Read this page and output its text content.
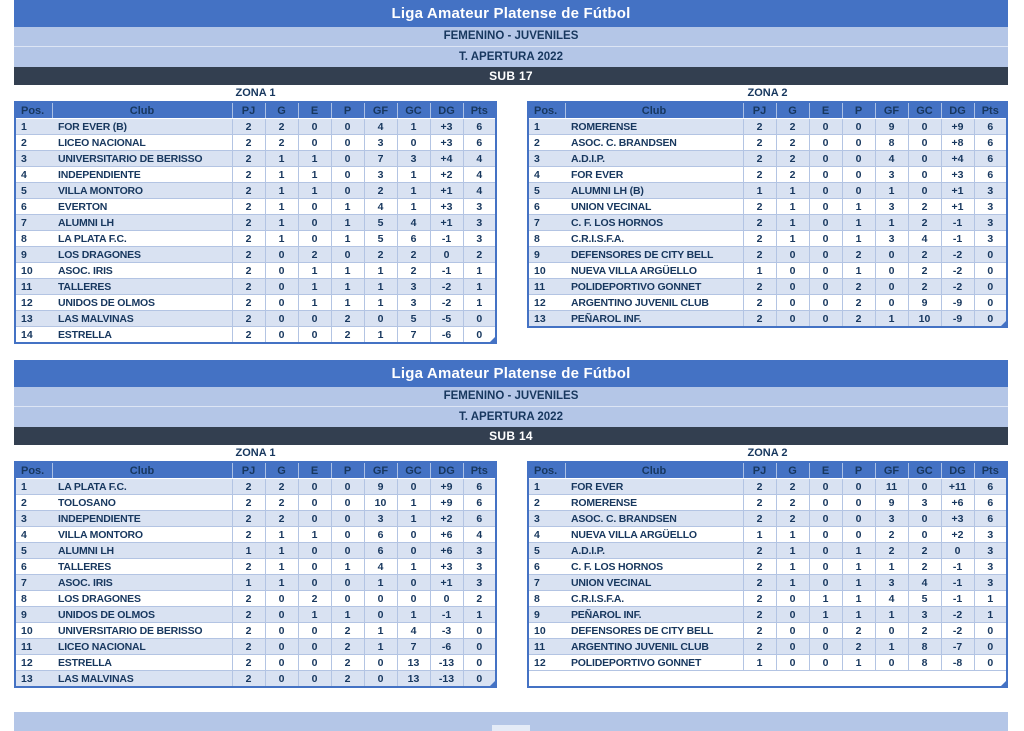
Liga Amateur Platense de Fútbol
FEMENINO - JUVENILES
T. APERTURA 2022
SUB 17
ZONA 1
Pos.	Club	PJ	G	E	P	GF	GC	DG	Pts
1	FOR EVER (B)	2	2	0	0	4	1	+3	6
2	LICEO NACIONAL	2	2	0	0	3	0	+3	6
3	UNIVERSITARIO DE BERISSO	2	1	1	0	7	3	+4	4
4	INDEPENDIENTE	2	1	1	0	3	1	+2	4
5	VILLA MONTORO	2	1	1	0	2	1	+1	4
6	EVERTON	2	1	0	1	4	1	+3	3
7	ALUMNI LH	2	1	0	1	5	4	+1	3
8	LA PLATA F.C.	2	1	0	1	5	6	-1	3
9	LOS DRAGONES	2	0	2	0	2	2	0	2
10	ASOC. IRIS	2	0	1	1	1	2	-1	1
11	TALLERES	2	0	1	1	1	3	-2	1
12	UNIDOS DE OLMOS	2	0	1	1	1	3	-2	1
13	LAS MALVINAS	2	0	0	2	0	5	-5	0
14	ESTRELLA	2	0	0	2	1	7	-6	0
ZONA 2
Pos.	Club	PJ	G	E	P	GF	GC	DG	Pts
1	ROMERENSE	2	2	0	0	9	0	+9	6
2	ASOC. C. BRANDSEN	2	2	0	0	8	0	+8	6
3	A.D.I.P.	2	2	0	0	4	0	+4	6
4	FOR EVER	2	2	0	0	3	0	+3	6
5	ALUMNI LH (B)	1	1	0	0	1	0	+1	3
6	UNION VECINAL	2	1	0	1	3	2	+1	3
7	C. F. LOS HORNOS	2	1	0	1	1	2	-1	3
8	C.R.I.S.F.A.	2	1	0	1	3	4	-1	3
9	DEFENSORES DE CITY BELL	2	0	0	2	0	2	-2	0
10	NUEVA VILLA ARGÜELLO	1	0	0	1	0	2	-2	0
11	POLIDEPORTIVO GONNET	2	0	0	2	0	2	-2	0
12	ARGENTINO JUVENIL CLUB	2	0	0	2	0	9	-9	0
13	PEÑAROL INF.	2	0	0	2	1	10	-9	0
Liga Amateur Platense de Fútbol
FEMENINO - JUVENILES
T. APERTURA 2022
SUB 14
ZONA 1
Pos.	Club	PJ	G	E	P	GF	GC	DG	Pts
1	LA PLATA F.C.	2	2	0	0	9	0	+9	6
2	TOLOSANO	2	2	0	0	10	1	+9	6
3	INDEPENDIENTE	2	2	0	0	3	1	+2	6
4	VILLA MONTORO	2	1	1	0	6	0	+6	4
5	ALUMNI LH	1	1	0	0	6	0	+6	3
6	TALLERES	2	1	0	1	4	1	+3	3
7	ASOC. IRIS	1	1	0	0	1	0	+1	3
8	LOS DRAGONES	2	0	2	0	0	0	0	2
9	UNIDOS DE OLMOS	2	0	1	1	0	1	-1	1
10	UNIVERSITARIO DE BERISSO	2	0	0	2	1	4	-3	0
11	LICEO NACIONAL	2	0	0	2	1	7	-6	0
12	ESTRELLA	2	0	0	2	0	13	-13	0
13	LAS MALVINAS	2	0	0	2	0	13	-13	0
ZONA 2
Pos.	Club	PJ	G	E	P	GF	GC	DG	Pts
1	FOR EVER	2	2	0	0	11	0	+11	6
2	ROMERENSE	2	2	0	0	9	3	+6	6
3	ASOC. C. BRANDSEN	2	2	0	0	3	0	+3	6
4	NUEVA VILLA ARGÜELLO	1	1	0	0	2	0	+2	3
5	A.D.I.P.	2	1	0	1	2	2	0	3
6	C. F. LOS HORNOS	2	1	0	1	1	2	-1	3
7	UNION VECINAL	2	1	0	1	3	4	-1	3
8	C.R.I.S.F.A.	2	0	1	1	4	5	-1	1
9	PEÑAROL INF.	2	0	1	1	1	3	-2	1
10	DEFENSORES DE CITY BELL	2	0	0	2	0	2	-2	0
11	ARGENTINO JUVENIL CLUB	2	0	0	2	1	8	-7	0
12	POLIDEPORTIVO GONNET	1	0	0	1	0	8	-8	0
